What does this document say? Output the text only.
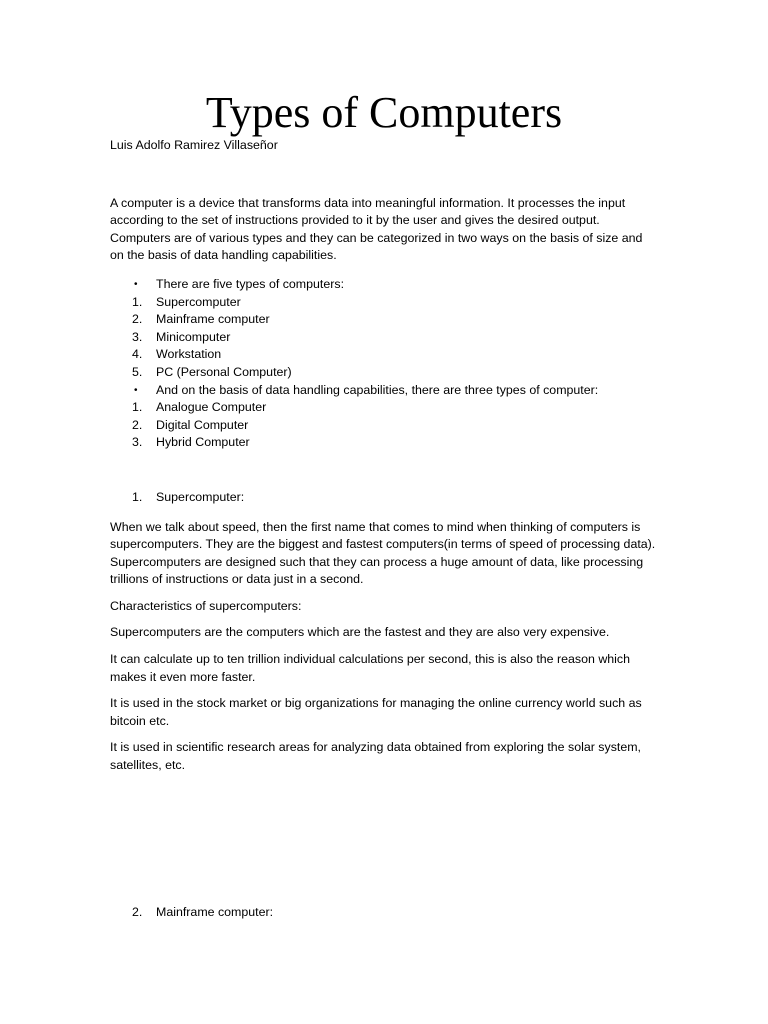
Types of Computers

Luis Adolfo Ramirez Villaseñor

A computer is a device that transforms data into meaningful information. It processes the input according to the set of instructions provided to it by the user and gives the desired output. Computers are of various types and they can be categorized in two ways on the basis of size and on the basis of data handling capabilities.

• There are five types of computers:
1. Supercomputer
2. Mainframe computer
3. Minicomputer
4. Workstation
5. PC (Personal Computer)
• And on the basis of data handling capabilities, there are three types of computer:
1. Analogue Computer
2. Digital Computer
3. Hybrid Computer
1. Supercomputer:

When we talk about speed, then the first name that comes to mind when thinking of computers is supercomputers. They are the biggest and fastest computers(in terms of speed of processing data). Supercomputers are designed such that they can process a huge amount of data, like processing trillions of instructions or data just in a second.

Characteristics of supercomputers:

Supercomputers are the computers which are the fastest and they are also very expensive.

It can calculate up to ten trillion individual calculations per second, this is also the reason which makes it even more faster.

It is used in the stock market or big organizations for managing the online currency world such as bitcoin etc.

It is used in scientific research areas for analyzing data obtained from exploring the solar system, satellites, etc.

2. Mainframe computer:
